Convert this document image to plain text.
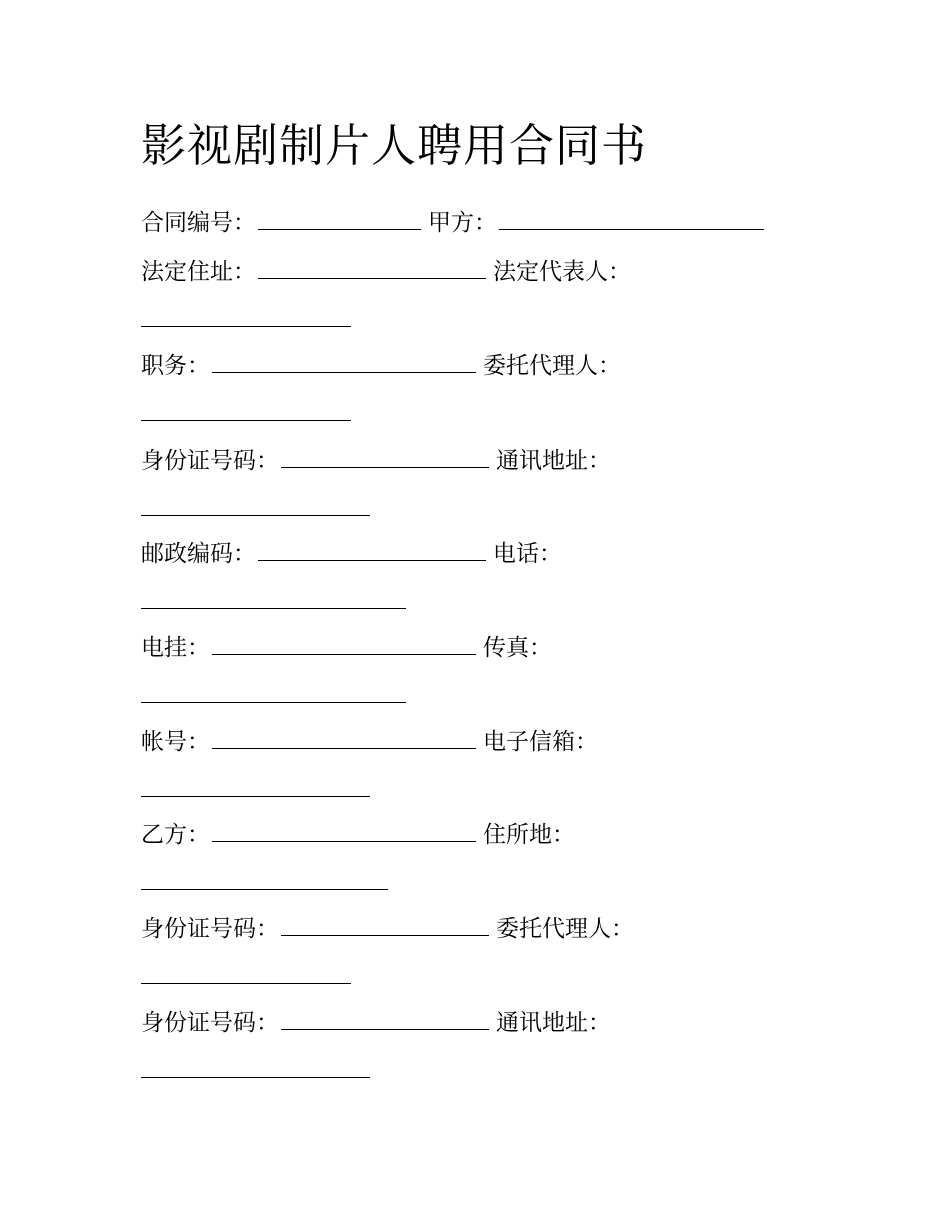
影视剧制片人聘用合同书
合同编号：	甲方：
法定住址：	法定代表人：
职务：	委托代理人：
身份证号码：	通讯地址：
邮政编码：	电话：
电挂：	传真：
帐号：	电子信箱：
乙方：	住所地：
身份证号码：	委托代理人：
身份证号码：	通讯地址：
